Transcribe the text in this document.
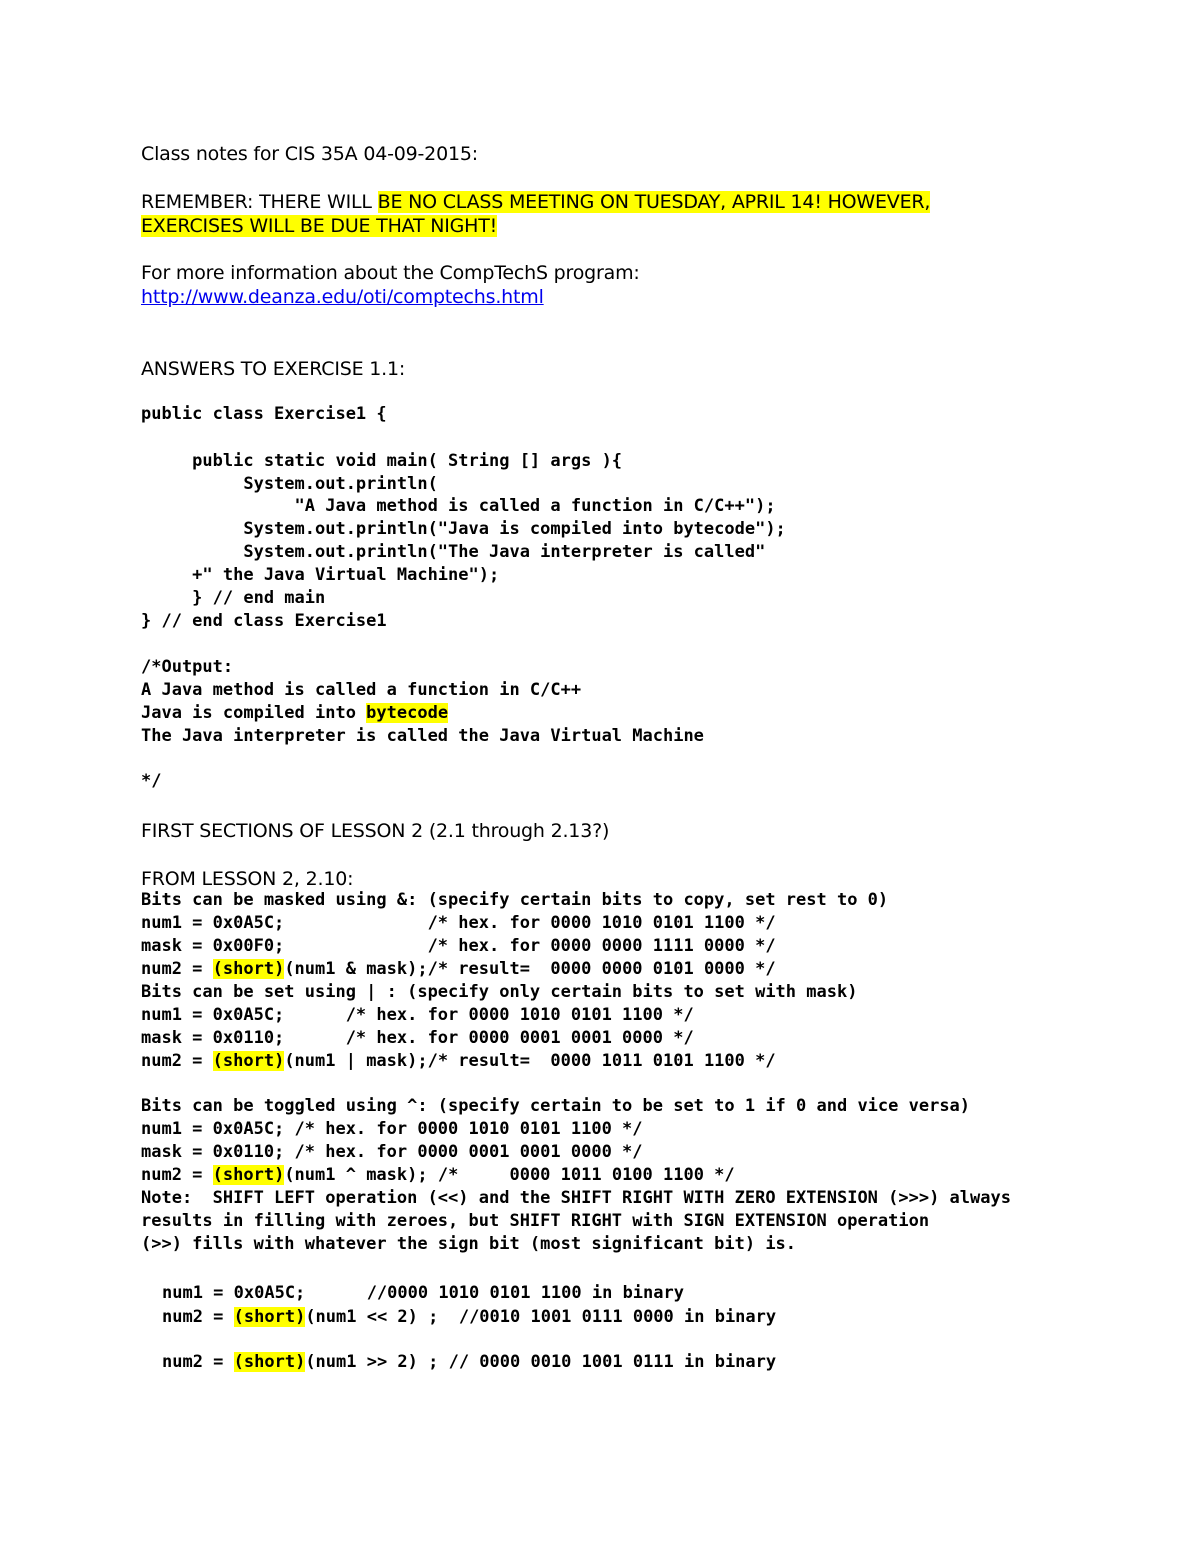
Class notes for CIS 35A 04-09-2015:
REMEMBER: THERE WILL BE NO CLASS MEETING ON TUESDAY, APRIL 14! HOWEVER,
EXERCISES WILL BE DUE THAT NIGHT!
For more information about the CompTechS program:
http://www.deanza.edu/oti/comptechs.html
ANSWERS TO EXERCISE 1.1:
public class Exercise1 {
public static void main( String [] args ){
System.out.println(
"A Java method is called a function in C/C++");
System.out.println("Java is compiled into bytecode");
System.out.println("The Java interpreter is called"
+" the Java Virtual Machine");
} // end main
} // end class Exercise1
/*Output:
A Java method is called a function in C/C++
Java is compiled into bytecode
The Java interpreter is called the Java Virtual Machine
*/
FIRST SECTIONS OF LESSON 2 (2.1 through 2.13?)
FROM LESSON 2, 2.10:
Bits can be masked using &: (specify certain bits to copy, set rest to 0)
num1 = 0x0A5C;              /* hex. for 0000 1010 0101 1100 */
mask = 0x00F0;              /* hex. for 0000 0000 1111 0000 */
num2 = (short)(num1 & mask);/* result=  0000 0000 0101 0000 */
Bits can be set using | : (specify only certain bits to set with mask)
num1 = 0x0A5C;      /* hex. for 0000 1010 0101 1100 */
mask = 0x0110;      /* hex. for 0000 0001 0001 0000 */
num2 = (short)(num1 | mask);/* result=  0000 1011 0101 1100 */
Bits can be toggled using ^: (specify certain to be set to 1 if 0 and vice versa)
num1 = 0x0A5C; /* hex. for 0000 1010 0101 1100 */
mask = 0x0110; /* hex. for 0000 0001 0001 0000 */
num2 = (short)(num1 ^ mask); /*     0000 1011 0100 1100 */
Note:  SHIFT LEFT operation (<<) and the SHIFT RIGHT WITH ZERO EXTENSION (>>>) always
results in filling with zeroes, but SHIFT RIGHT with SIGN EXTENSION operation
(>>) fills with whatever the sign bit (most significant bit) is.
num1 = 0x0A5C;      //0000 1010 0101 1100 in binary
num2 = (short)(num1 << 2) ;  //0010 1001 0111 0000 in binary
num2 = (short)(num1 >> 2) ; // 0000 0010 1001 0111 in binary
